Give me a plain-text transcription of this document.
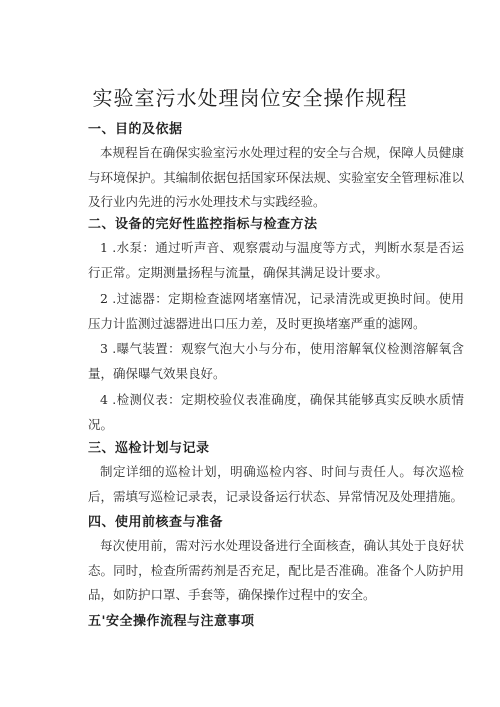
实验室污水处理岗位安全操作规程
一、目的及依据

本规程旨在确保实验室污水处理过程的安全与合规，保障人员健康与环境保护。其编制依据包括国家环保法规、实验室安全管理标准以及行业内先进的污水处理技术与实践经验。

二、设备的完好性监控指标与检查方法

1 .水泵：通过听声音、观察震动与温度等方式，判断水泵是否运行正常。定期测量扬程与流量，确保其满足设计要求。

2 .过滤器：定期检查滤网堵塞情况，记录清洗或更换时间。使用压力计监测过滤器进出口压力差，及时更换堵塞严重的滤网。

3 .曝气装置：观察气泡大小与分布，使用溶解氧仪检测溶解氧含量，确保曝气效果良好。

4 .检测仪表：定期校验仪表准确度，确保其能够真实反映水质情况。

三、巡检计划与记录

制定详细的巡检计划，明确巡检内容、时间与责任人。每次巡检后，需填写巡检记录表，记录设备运行状态、异常情况及处理措施。

四、使用前核查与准备

每次使用前，需对污水处理设备进行全面核查，确认其处于良好状态。同时，检查所需药剂是否充足，配比是否准确。准备个人防护用品，如防护口罩、手套等，确保操作过程中的安全。

五'安全操作流程与注意事项
